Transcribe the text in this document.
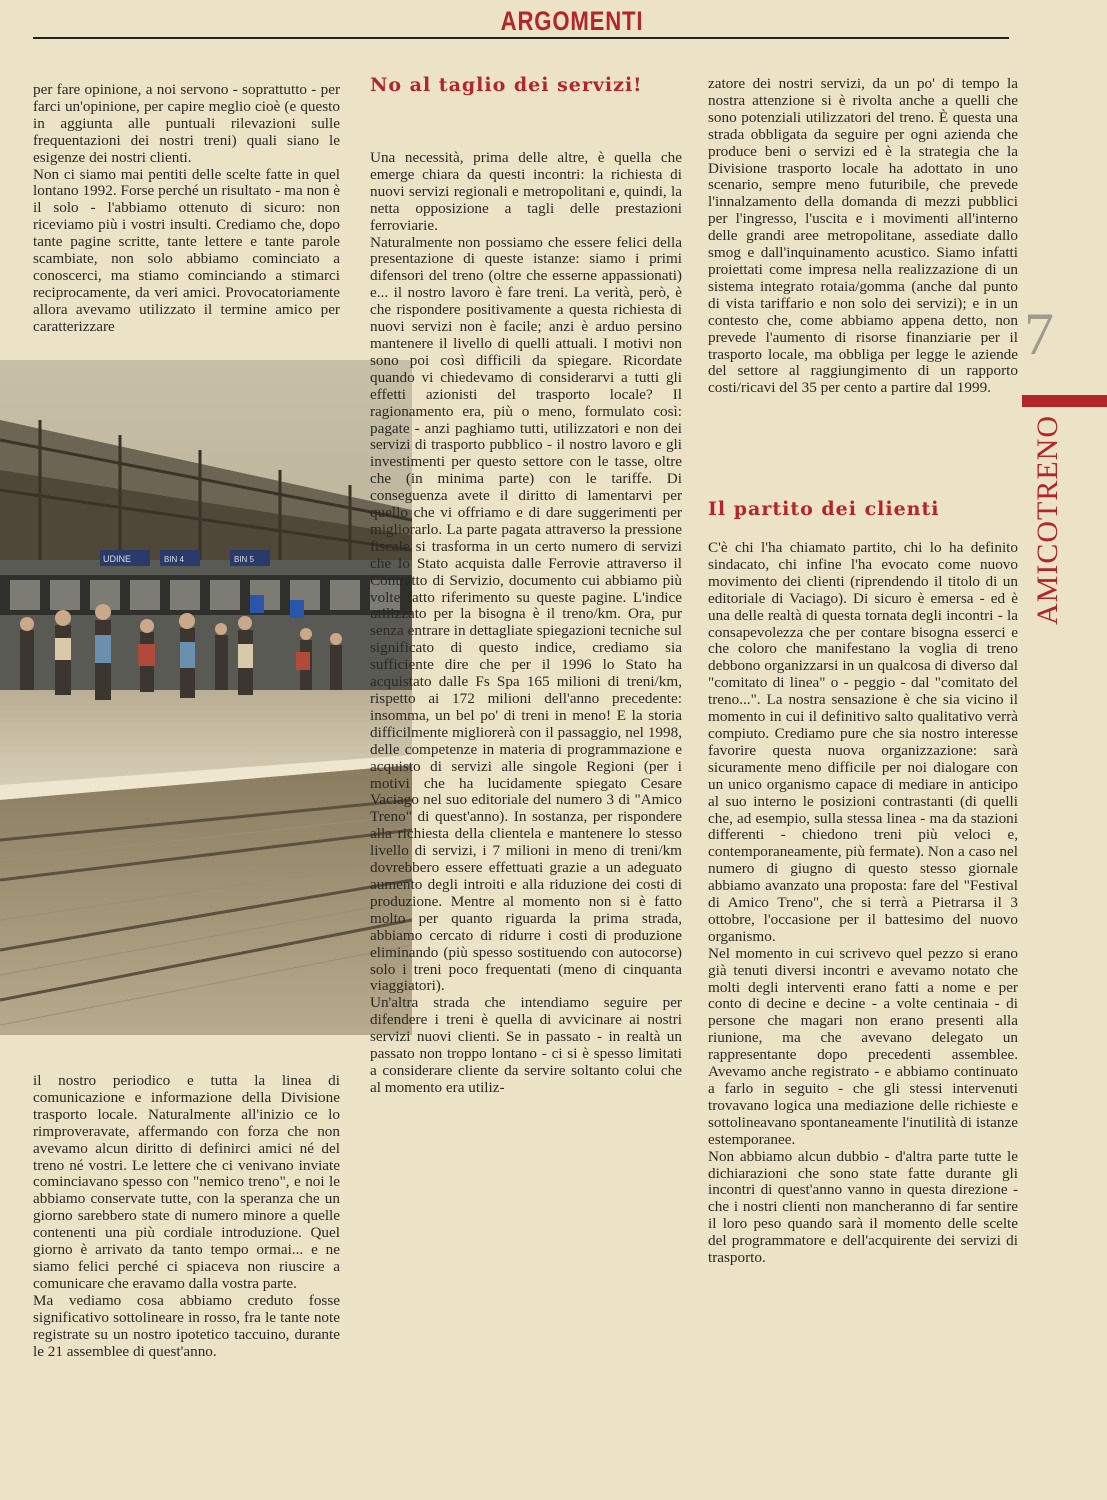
ARGOMENTI

per fare opinione, a noi servono - soprattutto - per farci un'opinione, per capire meglio cioè (e questo in aggiunta alle puntuali rilevazioni sulle frequentazioni dei nostri treni) quali siano le esigenze dei nostri clienti.

Non ci siamo mai pentiti delle scelte fatte in quel lontano 1992. Forse perché un risultato - ma non è il solo - l'abbiamo ottenuto di sicuro: non riceviamo più i vostri insulti. Crediamo che, dopo tante pagine scritte, tante lettere e tante parole scambiate, non solo abbiamo cominciato a conoscerci, ma stiamo cominciando a stimarci reciprocamente, da veri amici. Provocatoriamente allora avevamo utilizzato il termine amico per caratterizzare

UDINE	BIN 4	BIN 5

il nostro periodico e tutta la linea di comunicazione e informazione della Divisione trasporto locale. Naturalmente all'inizio ce lo rimproveravate, affermando con forza che non avevamo alcun diritto di definirci amici né del treno né vostri. Le lettere che ci venivano inviate cominciavano spesso con "nemico treno", e noi le abbiamo conservate tutte, con la speranza che un giorno sarebbero state di numero minore a quelle contenenti una più cordiale introduzione. Quel giorno è arrivato da tanto tempo ormai... e ne siamo felici perché ci spiaceva non riuscire a comunicare che eravamo dalla vostra parte.

Ma vediamo cosa abbiamo creduto fosse significativo sottolineare in rosso, fra le tante note registrate su un nostro ipotetico taccuino, durante le 21 assemblee di quest'anno.

No al taglio dei servizi!

Una necessità, prima delle altre, è quella che emerge chiara da questi incontri: la richiesta di nuovi servizi regionali e metropolitani e, quindi, la netta opposizione a tagli delle prestazioni ferroviarie.

Naturalmente non possiamo che essere felici della presentazione di queste istanze: siamo i primi difensori del treno (oltre che esserne appassionati) e... il nostro lavoro è fare treni. La verità, però, è che rispondere positivamente a questa richiesta di nuovi servizi non è facile; anzi è arduo persino mantenere il livello di quelli attuali. I motivi non sono poi così difficili da spiegare. Ricordate quando vi chiedevamo di considerarvi a tutti gli effetti azionisti del trasporto locale? Il ragionamento era, più o meno, formulato così: pagate - anzi paghiamo tutti, utilizzatori e non dei servizi di trasporto pubblico - il nostro lavoro e gli investimenti per questo settore con le tasse, oltre che (in minima parte) con le tariffe. Di conseguenza avete il diritto di lamentarvi per quello che vi offriamo e di dare suggerimenti per migliorarlo. La parte pagata attraverso la pressione fiscale si trasforma in un certo numero di servizi che lo Stato acquista dalle Ferrovie attraverso il Contratto di Servizio, documento cui abbiamo più volte fatto riferimento su queste pagine. L'indice utilizzato per la bisogna è il treno/km. Ora, pur senza entrare in dettagliate spiegazioni tecniche sul significato di questo indice, crediamo sia sufficiente dire che per il 1996 lo Stato ha acquistato dalle Fs Spa 165 milioni di treni/km, rispetto ai 172 milioni dell'anno precedente: insomma, un bel po' di treni in meno! E la storia difficilmente migliorerà con il passaggio, nel 1998, delle competenze in materia di programmazione e acquisto di servizi alle singole Regioni (per i motivi che ha lucidamente spiegato Cesare Vaciago nel suo editoriale del numero 3 di "Amico Treno" di quest'anno). In sostanza, per rispondere alla richiesta della clientela e mantenere lo stesso livello di servizi, i 7 milioni in meno di treni/km dovrebbero essere effettuati grazie a un adeguato aumento degli introiti e alla riduzione dei costi di produzione. Mentre al momento non si è fatto molto per quanto riguarda la prima strada, abbiamo cercato di ridurre i costi di produzione eliminando (più spesso sostituendo con autocorse) solo i treni poco frequentati (meno di cinquanta viaggiatori).

Un'altra strada che intendiamo seguire per difendere i treni è quella di avvicinare ai nostri servizi nuovi clienti. Se in passato - in realtà un passato non troppo lontano - ci si è spesso limitati a considerare cliente da servire soltanto colui che al momento era utiliz-

zatore dei nostri servizi, da un po' di tempo la nostra attenzione si è rivolta anche a quelli che sono potenziali utilizzatori del treno. È questa una strada obbligata da seguire per ogni azienda che produce beni o servizi ed è la strategia che la Divisione trasporto locale ha adottato in uno scenario, sempre meno futuribile, che prevede l'innalzamento della domanda di mezzi pubblici per l'ingresso, l'uscita e i movimenti all'interno delle grandi aree metropolitane, assediate dallo smog e dall'inquinamento acustico. Siamo infatti proiettati come impresa nella realizzazione di un sistema integrato rotaia/gomma (anche dal punto di vista tariffario e non solo dei servizi); e in un contesto che, come abbiamo appena detto, non prevede l'aumento di risorse finanziarie per il trasporto locale, ma obbliga per legge le aziende del settore al raggiungimento di un rapporto costi/ricavi del 35 per cento a partire dal 1999.

Il partito dei clienti

C'è chi l'ha chiamato partito, chi lo ha definito sindacato, chi infine l'ha evocato come nuovo movimento dei clienti (riprendendo il titolo di un editoriale di Vaciago). Di sicuro è emersa - ed è una delle realtà di questa tornata degli incontri - la consapevolezza che per contare bisogna esserci e che coloro che manifestano la voglia di treno debbono organizzarsi in un qualcosa di diverso dal "comitato di linea" o - peggio - dal "comitato del treno...". La nostra sensazione è che sia vicino il momento in cui il definitivo salto qualitativo verrà compiuto. Crediamo pure che sia nostro interesse favorire questa nuova organizzazione: sarà sicuramente meno difficile per noi dialogare con un unico organismo capace di mediare in anticipo al suo interno le posizioni contrastanti (di quelli che, ad esempio, sulla stessa linea - ma da stazioni differenti - chiedono treni più veloci e, contemporaneamente, più fermate). Non a caso nel numero di giugno di questo stesso giornale abbiamo avanzato una proposta: fare del "Festival di Amico Treno", che si terrà a Pietrarsa il 3 ottobre, l'occasione per il battesimo del nuovo organismo.

Nel momento in cui scrivevo quel pezzo si erano già tenuti diversi incontri e avevamo notato che molti degli interventi erano fatti a nome e per conto di decine e decine - a volte centinaia - di persone che magari non erano presenti alla riunione, ma che avevano delegato un rappresentante dopo precedenti assemblee. Avevamo anche registrato - e abbiamo continuato a farlo in seguito - che gli stessi intervenuti trovavano logica una mediazione delle richieste e sottolineavano spontaneamente l'inutilità di istanze estemporanee.

Non abbiamo alcun dubbio - d'altra parte tutte le dichiarazioni che sono state fatte durante gli incontri di quest'anno vanno in questa direzione - che i nostri clienti non mancheranno di far sentire il loro peso quando sarà il momento delle scelte del programmatore e dell'acquirente dei servizi di trasporto.

7
AMICOTRENO
